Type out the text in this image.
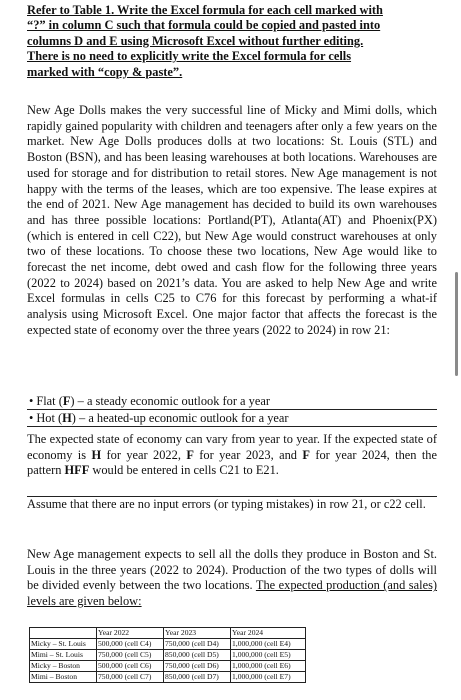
Refer to Table 1. Write the Excel formula for each cell marked with
“?” in column C such that formula could be copied and pasted into
columns D and E using Microsoft Excel without further editing.
There is no need to explicitly write the Excel formula for cells
marked with “copy & paste”.
New Age Dolls makes the very successful line of Micky and Mimi dolls, which rapidly gained popularity with children and teenagers after only a few years on the market. New Age Dolls produces dolls at two locations: St. Louis (STL) and Boston (BSN), and has been leasing warehouses at both locations. Warehouses are used for storage and for distribution to retail stores. New Age management is not happy with the terms of the leases, which are too expensive. The lease expires at the end of 2021. New Age management has decided to build its own warehouses and has three possible locations: Portland(PT), Atlanta(AT) and Phoenix(PX) (which is entered in cell C22), but New Age would construct warehouses at only two of these locations. To choose these two locations, New Age would like to forecast the net income, debt owed and cash flow for the following three years (2022 to 2024) based on 2021’s data. You are asked to help New Age and write Excel formulas in cells C25 to C76 for this forecast by performing a what-if analysis using Microsoft Excel. One major factor that affects the forecast is the expected state of economy over the three years (2022 to 2024) in row 21:
• Flat (F) – a steady economic outlook for a year
• Hot (H) – a heated-up economic outlook for a year
The expected state of economy can vary from year to year. If the expected state of economy is H for year 2022, F for year 2023, and F for year 2024, then the pattern HFF would be entered in cells C21 to E21.
Assume that there are no input errors (or typing mistakes) in row 21, or c22 cell.
New Age management expects to sell all the dolls they produce in Boston and St. Louis in the three years (2022 to 2024). Production of the two types of dolls will be divided evenly between the two locations. The expected production (and sales) levels are given below:
	Year 2022	Year 2023	Year 2024
Micky – St. Louis	500,000 (cell C4)	750,000 (cell D4)	1,000,000 (cell E4)
Mimi – St. Louis	750,000 (cell C5)	850,000 (cell D5)	1,000,000 (cell E5)
Micky – Boston	500,000 (cell C6)	750,000 (cell D6)	1,000,000 (cell E6)
Mimi – Boston	750,000 (cell C7)	850,000 (cell D7)	1,000,000 (cell E7)
